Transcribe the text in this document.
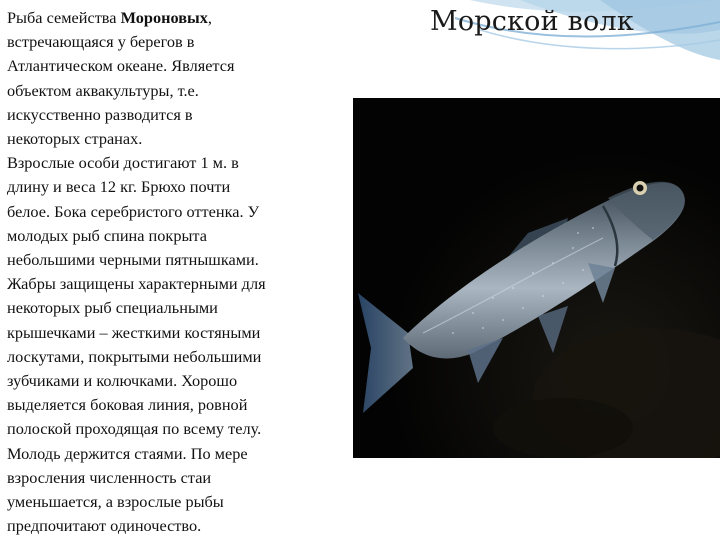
Морской волк
Рыба семейства Мороновых,
встречающаяся у берегов в
Атлантическом океане. Является
объектом аквакультуры, т.е.
искусственно разводится в
некоторых странах.
Взрослые особи достигают 1 м. в
длину и веса 12 кг. Брюхо почти
белое. Бока серебристого оттенка. У
молодых рыб спина покрыта
небольшими черными пятнышками.
Жабры защищены характерными для
некоторых рыб специальными
крышечками – жесткими костяными
лоскутами, покрытыми небольшими
зубчиками и колючками. Хорошо
выделяется боковая линия, ровной
полоской проходящая по всему телу.
Молодь держится стаями. По мере
взросления численность стаи
уменьшается, а взрослые рыбы
предпочитают одиночество.
